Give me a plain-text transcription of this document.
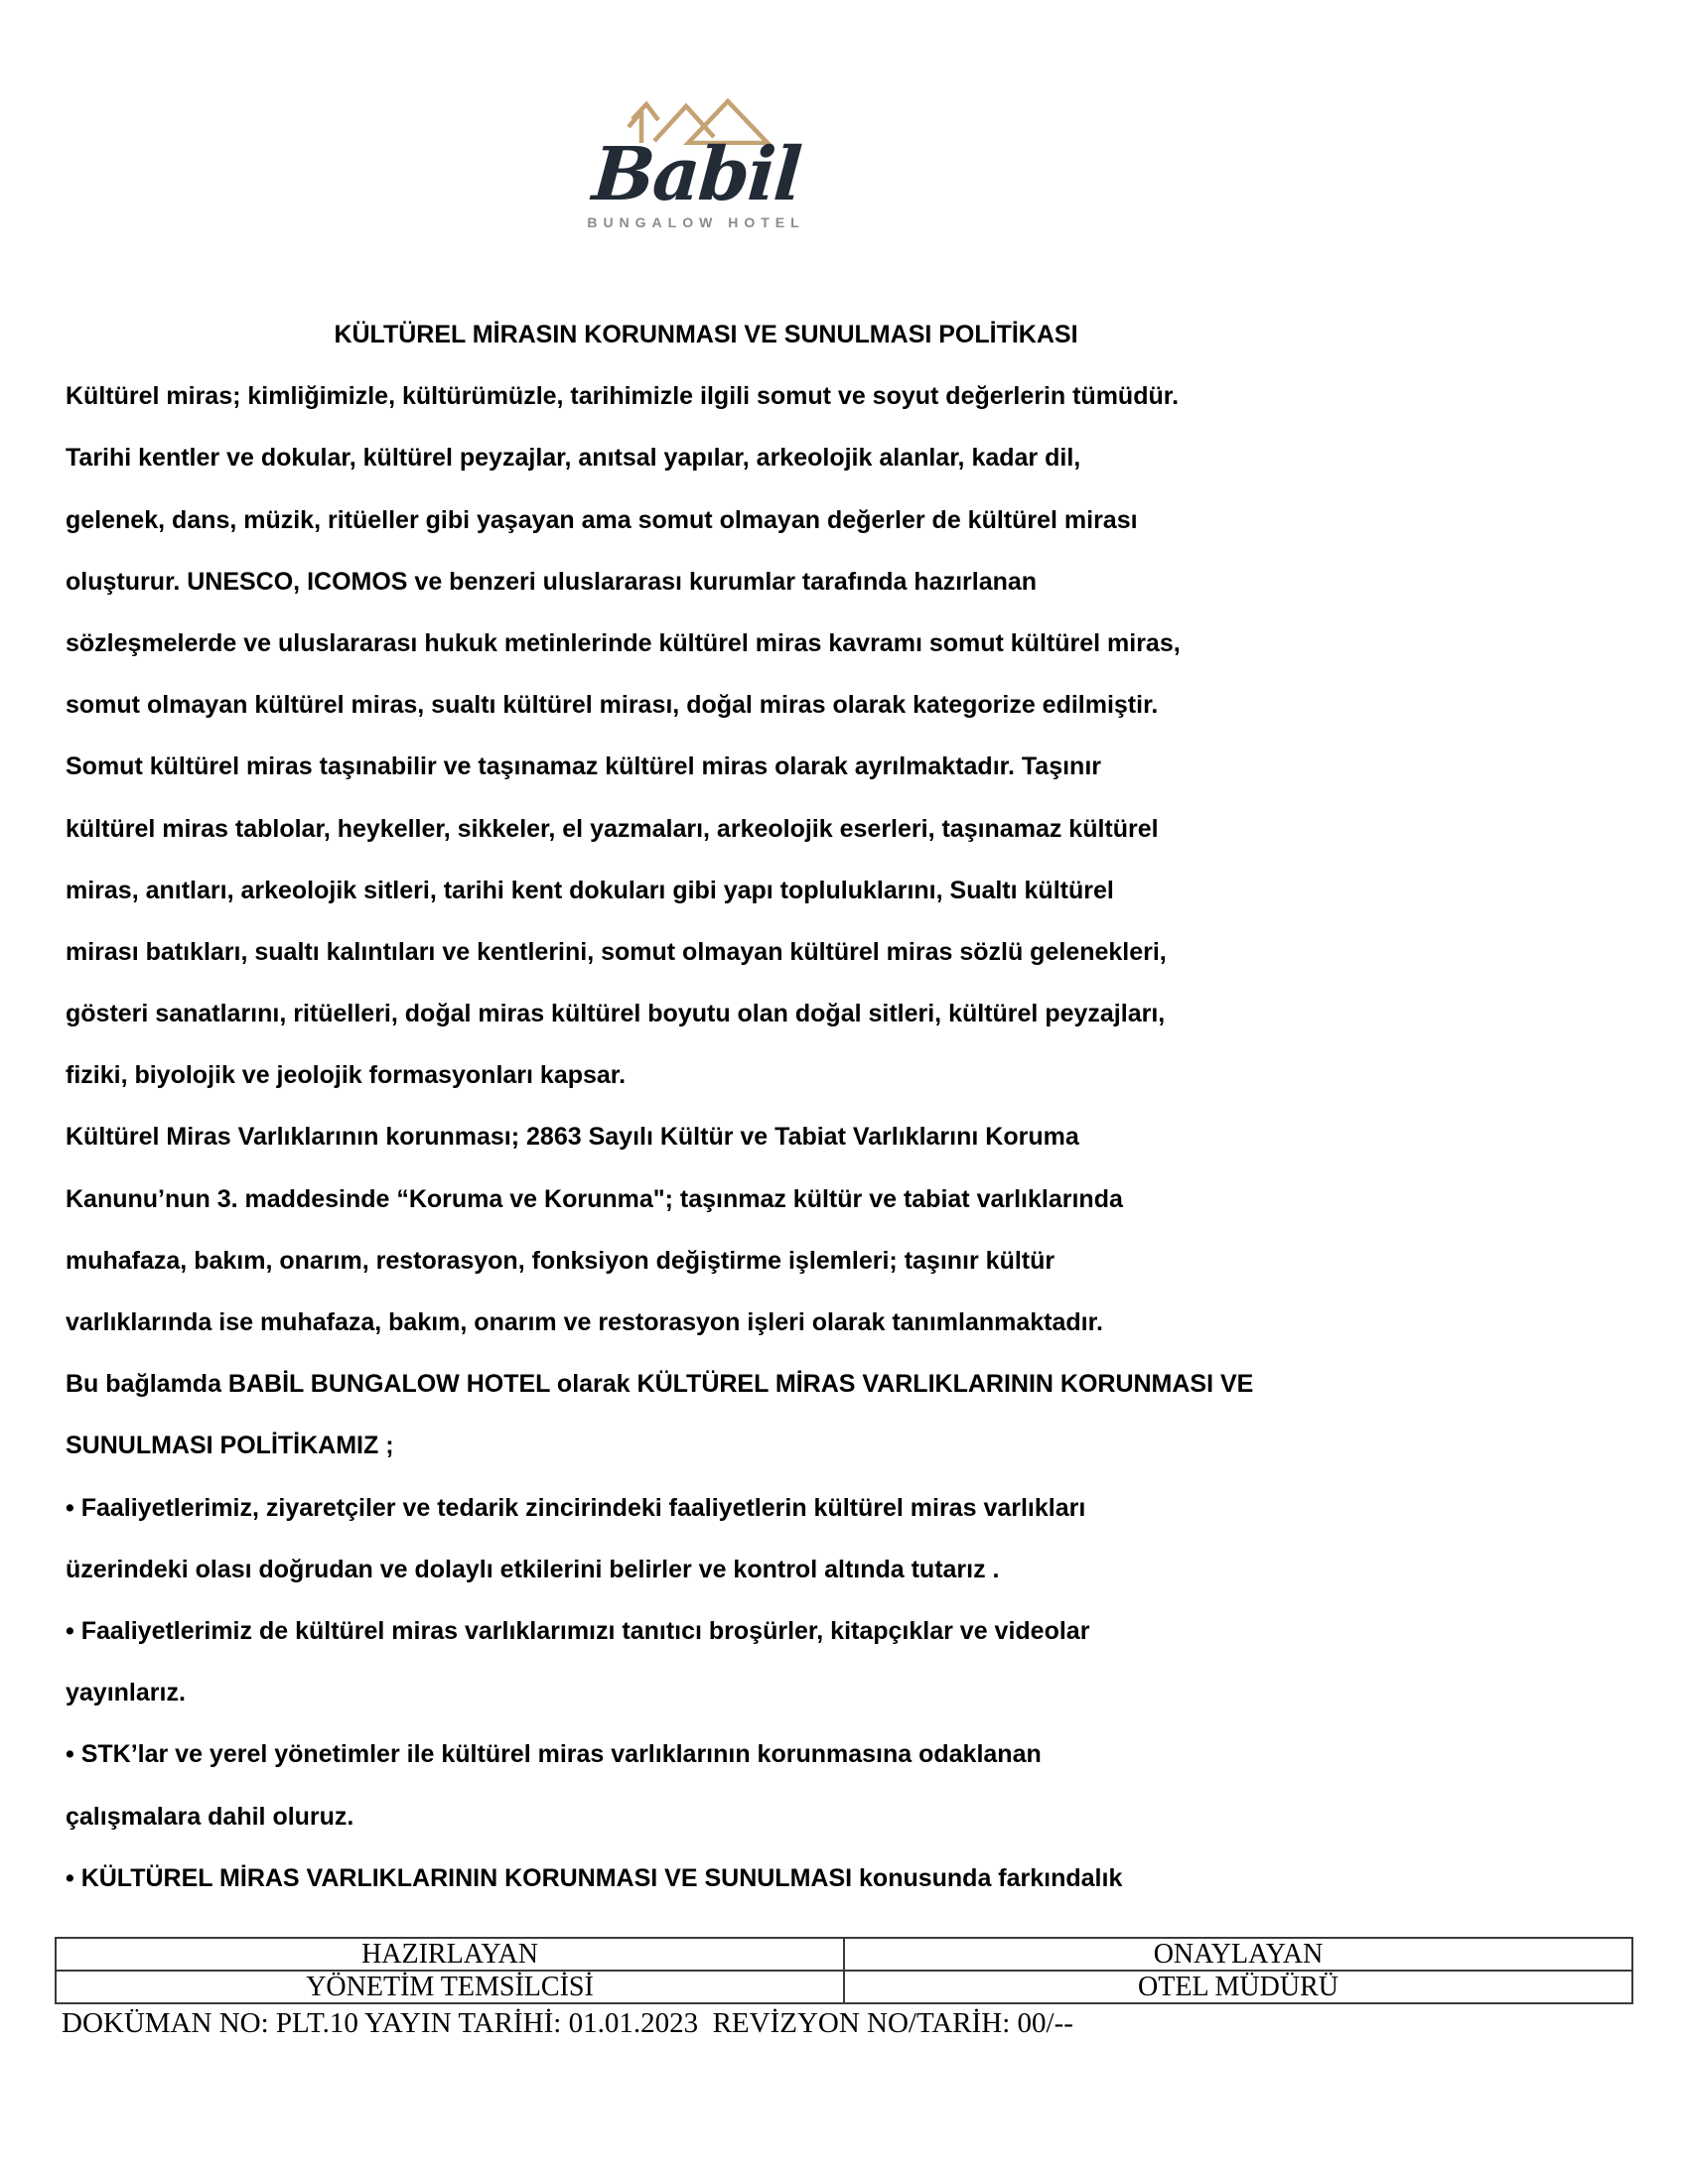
Babil
BUNGALOW HOTEL
KÜLTÜREL MİRASIN KORUNMASI VE SUNULMASI POLİTİKASI
Kültürel miras; kimliğimizle, kültürümüzle, tarihimizle ilgili somut ve soyut değerlerin tümüdür.
Tarihi kentler ve dokular, kültürel peyzajlar, anıtsal yapılar, arkeolojik alanlar, kadar dil,
gelenek, dans, müzik, ritüeller gibi yaşayan ama somut olmayan değerler de kültürel mirası
oluşturur. UNESCO, ICOMOS ve benzeri uluslararası kurumlar tarafında hazırlanan
sözleşmelerde ve uluslararası hukuk metinlerinde kültürel miras kavramı somut kültürel miras,
somut olmayan kültürel miras, sualtı kültürel mirası, doğal miras olarak kategorize edilmiştir.
Somut kültürel miras taşınabilir ve taşınamaz kültürel miras olarak ayrılmaktadır. Taşınır
kültürel miras tablolar, heykeller, sikkeler, el yazmaları, arkeolojik eserleri, taşınamaz kültürel
miras, anıtları, arkeolojik sitleri, tarihi kent dokuları gibi yapı topluluklarını, Sualtı kültürel
mirası batıkları, sualtı kalıntıları ve kentlerini, somut olmayan kültürel miras sözlü gelenekleri,
gösteri sanatlarını, ritüelleri, doğal miras kültürel boyutu olan doğal sitleri, kültürel peyzajları,
fiziki, biyolojik ve jeolojik formasyonları kapsar.
Kültürel Miras Varlıklarının korunması; 2863 Sayılı Kültür ve Tabiat Varlıklarını Koruma
Kanunu’nun 3. maddesinde “Koruma ve Korunma"; taşınmaz kültür ve tabiat varlıklarında
muhafaza, bakım, onarım, restorasyon, fonksiyon değiştirme işlemleri; taşınır kültür
varlıklarında ise muhafaza, bakım, onarım ve restorasyon işleri olarak tanımlanmaktadır.
Bu bağlamda BABİL BUNGALOW HOTEL olarak KÜLTÜREL MİRAS VARLIKLARININ KORUNMASI VE
SUNULMASI POLİTİKAMIZ ;
• Faaliyetlerimiz, ziyaretçiler ve tedarik zincirindeki faaliyetlerin kültürel miras varlıkları
üzerindeki olası doğrudan ve dolaylı etkilerini belirler ve kontrol altında tutarız .
• Faaliyetlerimiz de kültürel miras varlıklarımızı tanıtıcı broşürler, kitapçıklar ve videolar
yayınlarız.
• STK’lar ve yerel yönetimler ile kültürel miras varlıklarının korunmasına odaklanan
çalışmalara dahil oluruz.
• KÜLTÜREL MİRAS VARLIKLARININ KORUNMASI VE SUNULMASI konusunda farkındalık
HAZIRLAYAN	ONAYLAYAN
YÖNETİM TEMSİLCİSİ	OTEL MÜDÜRÜ
DOKÜMAN NO: PLT.10 YAYIN TARİHİ: 01.01.2023  REVİZYON NO/TARİH: 00/--
